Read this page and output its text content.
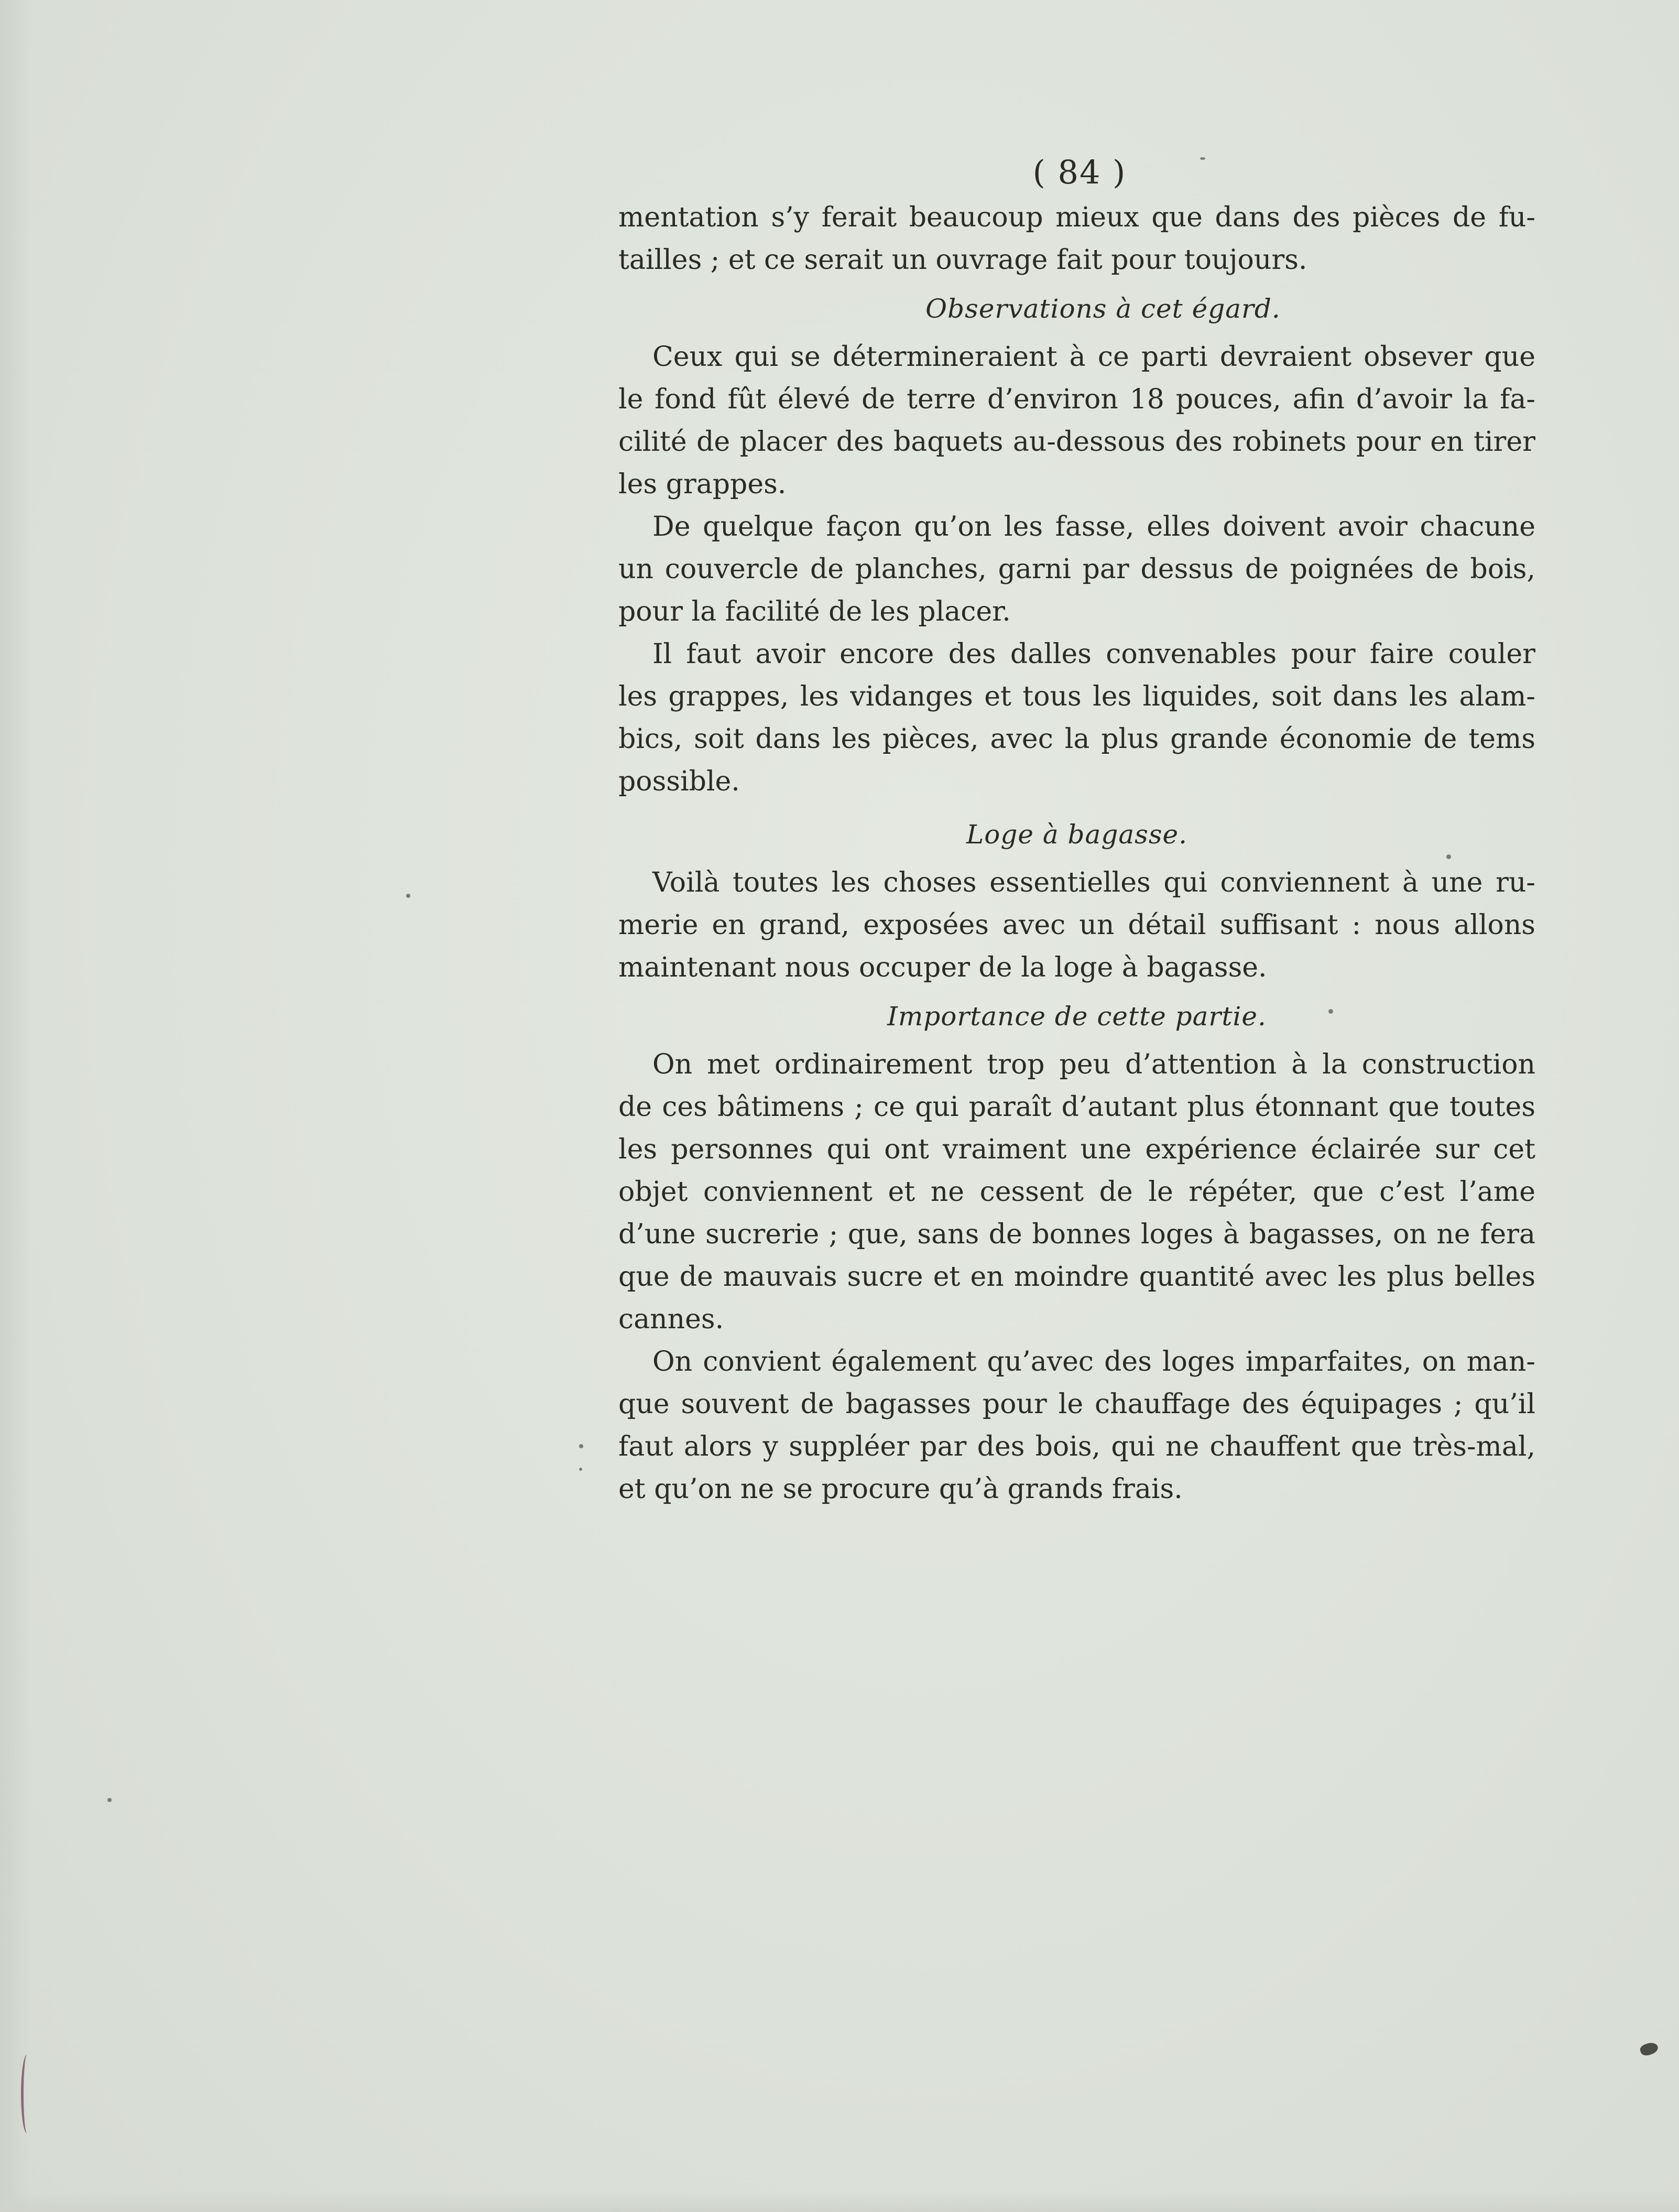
( 84 )
mentation s’y ferait beaucoup mieux que dans des pièces de fu-
tailles ; et ce serait un ouvrage fait pour toujours.
Observations à cet égard.
Ceux qui se détermineraient à ce parti devraient obsever que
le fond fût élevé de terre d’environ 18 pouces, afin d’avoir la fa-
cilité de placer des baquets au-dessous des robinets pour en tirer
les grappes.
De quelque façon qu’on les fasse, elles doivent avoir chacune
un couvercle de planches, garni par dessus de poignées de bois,
pour la facilité de les placer.
Il faut avoir encore des dalles convenables pour faire couler
les grappes, les vidanges et tous les liquides, soit dans les alam-
bics, soit dans les pièces, avec la plus grande économie de tems
possible.
Loge à bagasse.
Voilà toutes les choses essentielles qui conviennent à une ru-
merie en grand, exposées avec un détail suffisant : nous allons
maintenant nous occuper de la loge à bagasse.
Importance de cette partie.
On met ordinairement trop peu d’attention à la construction
de ces bâtimens ; ce qui paraît d’autant plus étonnant que toutes
les personnes qui ont vraiment une expérience éclairée sur cet
objet conviennent et ne cessent de le répéter, que c’est l’ame
d’une sucrerie ; que, sans de bonnes loges à bagasses, on ne fera
que de mauvais sucre et en moindre quantité avec les plus belles
cannes.
On convient également qu’avec des loges imparfaites, on man-
que souvent de bagasses pour le chauffage des équipages ; qu’il
faut alors y suppléer par des bois, qui ne chauffent que très-mal,
et qu’on ne se procure qu’à grands frais.
